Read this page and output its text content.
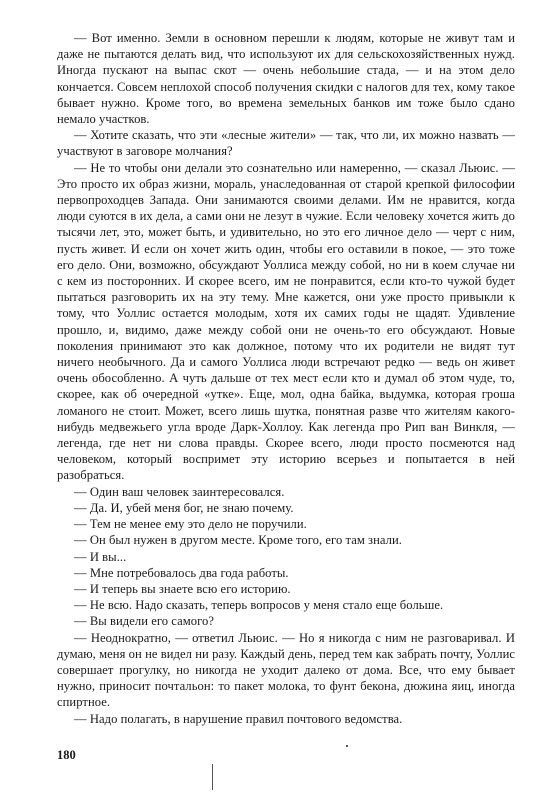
— Вот именно. Земли в основном перешли к людям, которые не живут там и даже не пытаются делать вид, что используют их для сельскохозяйственных нужд. Иногда пускают на выпас скот — очень небольшие стада, — и на этом дело кончается. Совсем неплохой способ получения скидки с налогов для тех, кому такое бывает нужно. Кроме того, во времена земельных банков им тоже было сдано немало участков.

— Хотите сказать, что эти «лесные жители» — так, что ли, их можно назвать — участвуют в заговоре молчания?

— Не то чтобы они делали это сознательно или намеренно, — сказал Льюис. — Это просто их образ жизни, мораль, унаследованная от старой крепкой философии первопроходцев Запада. Они занимаются своими делами. Им не нравится, когда люди суются в их дела, а сами они не лезут в чужие. Если человеку хочется жить до тысячи лет, это, может быть, и удивительно, но это его личное дело — черт с ним, пусть живет. И если он хочет жить один, чтобы его оставили в покое, — это тоже его дело. Они, возможно, обсуждают Уоллиса между собой, но ни в коем случае ни с кем из посторонних. И скорее всего, им не понравится, если кто-то чужой будет пытаться разговорить их на эту тему. Мне кажется, они уже просто привыкли к тому, что Уоллис остается молодым, хотя их самих годы не щадят. Удивление прошло, и, видимо, даже между собой они не очень-то его обсуждают. Новые поколения принимают это как должное, потому что их родители не видят тут ничего необычного. Да и самого Уоллиса люди встречают редко — ведь он живет очень обособленно. А чуть дальше от тех мест если кто и думал об этом чуде, то, скорее, как об очередной «утке». Еще, мол, одна байка, выдумка, которая гроша ломаного не стоит. Может, всего лишь шутка, понятная разве что жителям какого-нибудь медвежьего угла вроде Дарк-Холлоу. Как легенда про Рип ван Винкля, — легенда, где нет ни слова правды. Скорее всего, люди просто посмеются над человеком, который воспримет эту историю всерьез и попытается в ней разобраться.

— Один ваш человек заинтересовался.

— Да. И, убей меня бог, не знаю почему.

— Тем не менее ему это дело не поручили.

— Он был нужен в другом месте. Кроме того, его там знали.

— И вы...

— Мне потребовалось два года работы.

— И теперь вы знаете всю его историю.

— Не всю. Надо сказать, теперь вопросов у меня стало еще больше.

— Вы видели его самого?

— Неоднократно, — ответил Льюис. — Но я никогда с ним не разговаривал. И думаю, меня он не видел ни разу. Каждый день, перед тем как забрать почту, Уоллис совершает прогулку, но никогда не уходит далеко от дома. Все, что ему бывает нужно, приносит почтальон: то пакет молока, то фунт бекона, дюжина яиц, иногда спиртное.

— Надо полагать, в нарушение правил почтового ведомства.

180
